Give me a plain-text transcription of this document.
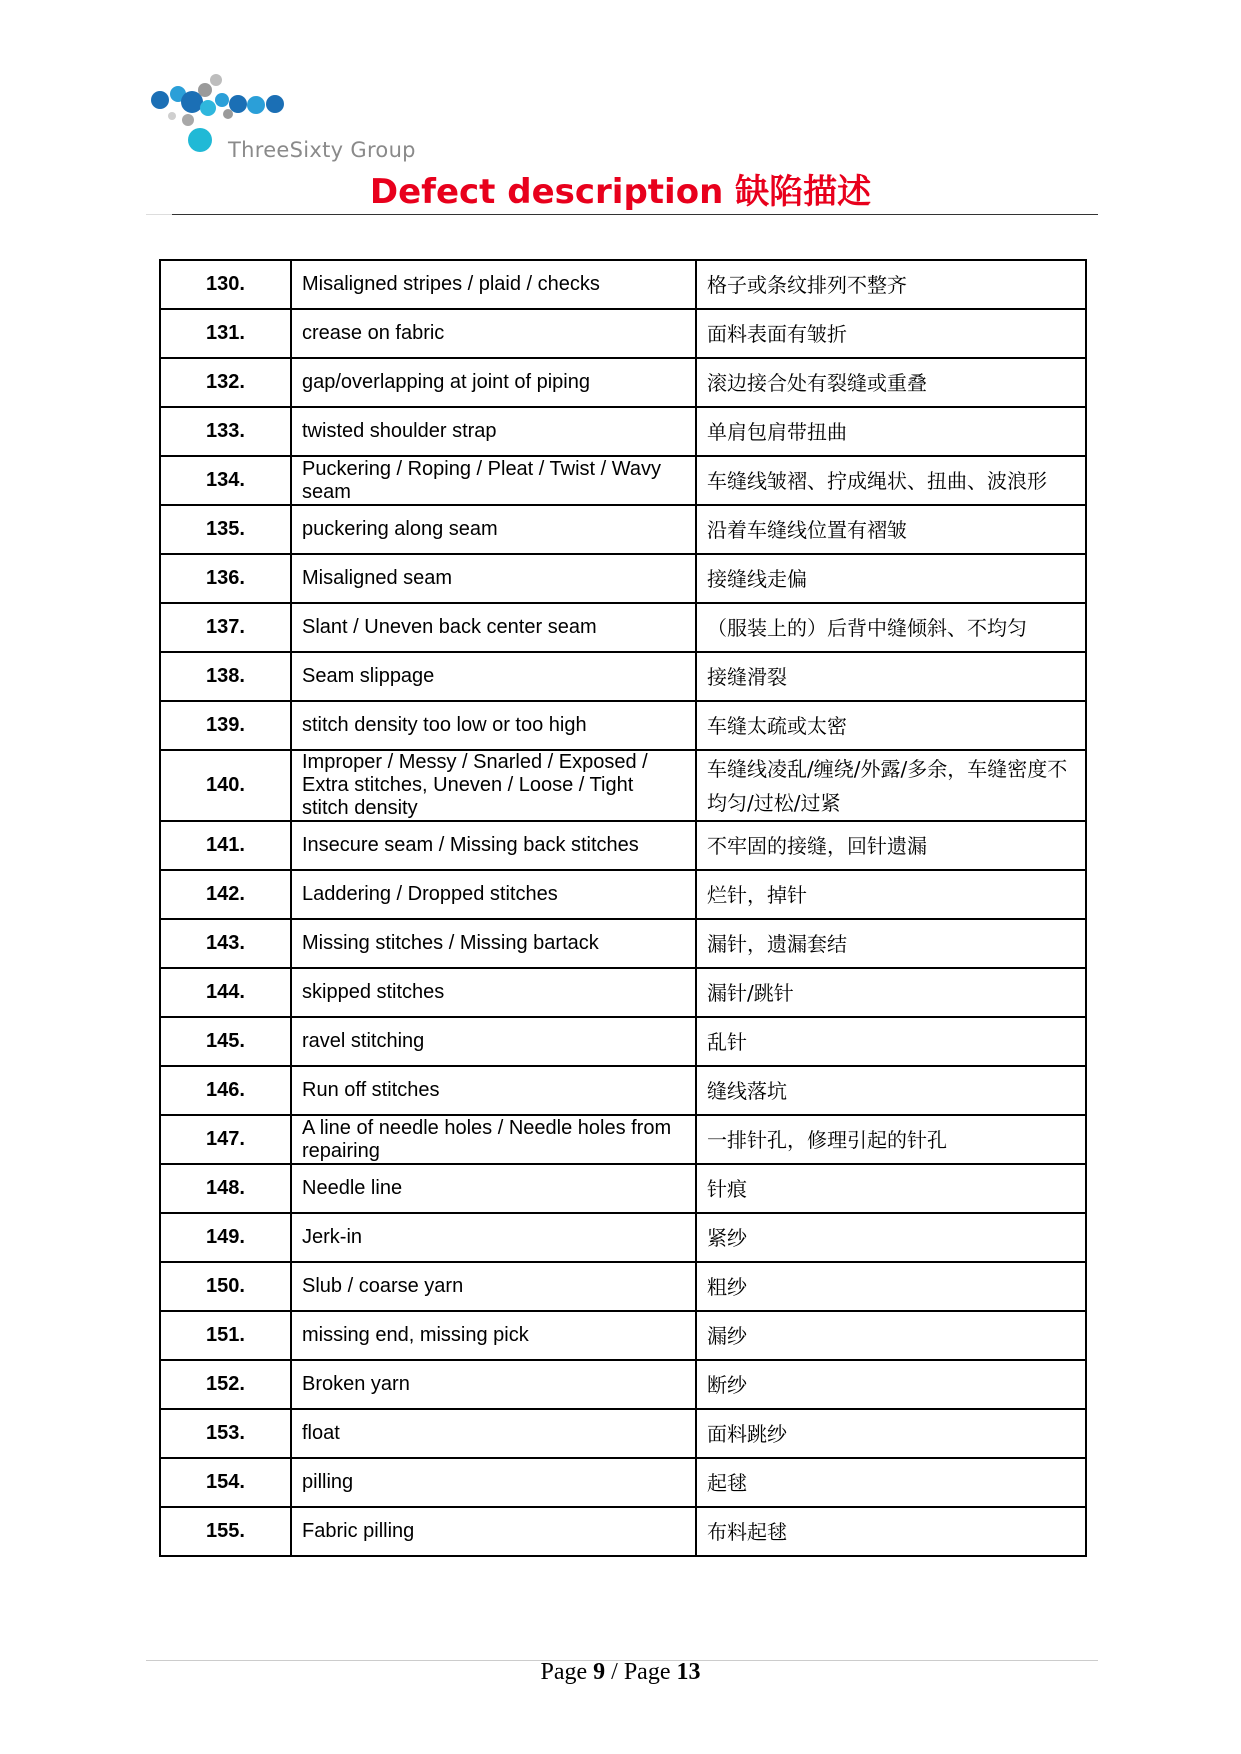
ThreeSixty Group
Defect description 缺陷描述
130.	Misaligned stripes / plaid / checks	格子或条纹排列不整齐
131.	crease on fabric	面料表面有皱折
132.	gap/overlapping at joint of piping	滚边接合处有裂缝或重叠
133.	twisted shoulder strap	单肩包肩带扭曲
134.	Puckering / Roping / Pleat / Twist / Wavy seam	车缝线皱褶、拧成绳状、扭曲、波浪形
135.	puckering along seam	沿着车缝线位置有褶皱
136.	Misaligned seam	接缝线走偏
137.	Slant / Uneven back center seam	（服装上的）后背中缝倾斜、不均匀
138.	Seam slippage	接缝滑裂
139.	stitch density too low or too high	车缝太疏或太密
140.	Improper / Messy / Snarled / Exposed / Extra stitches, Uneven / Loose / Tight stitch density	车缝线凌乱/缠绕/外露/多余，车缝密度不均匀/过松/过紧
141.	Insecure seam / Missing back stitches	不牢固的接缝，回针遗漏
142.	Laddering / Dropped stitches	烂针，掉针
143.	Missing stitches / Missing bartack	漏针，遗漏套结
144.	skipped stitches	漏针/跳针
145.	ravel stitching	乱针
146.	Run off stitches	缝线落坑
147.	A line of needle holes / Needle holes from repairing	一排针孔，修理引起的针孔
148.	Needle line	针痕
149.	Jerk-in	紧纱
150.	Slub / coarse yarn	粗纱
151.	missing end, missing pick	漏纱
152.	Broken yarn	断纱
153.	float	面料跳纱
154.	pilling	起毬
155.	Fabric pilling	布料起毬
Page 9 / Page 13
